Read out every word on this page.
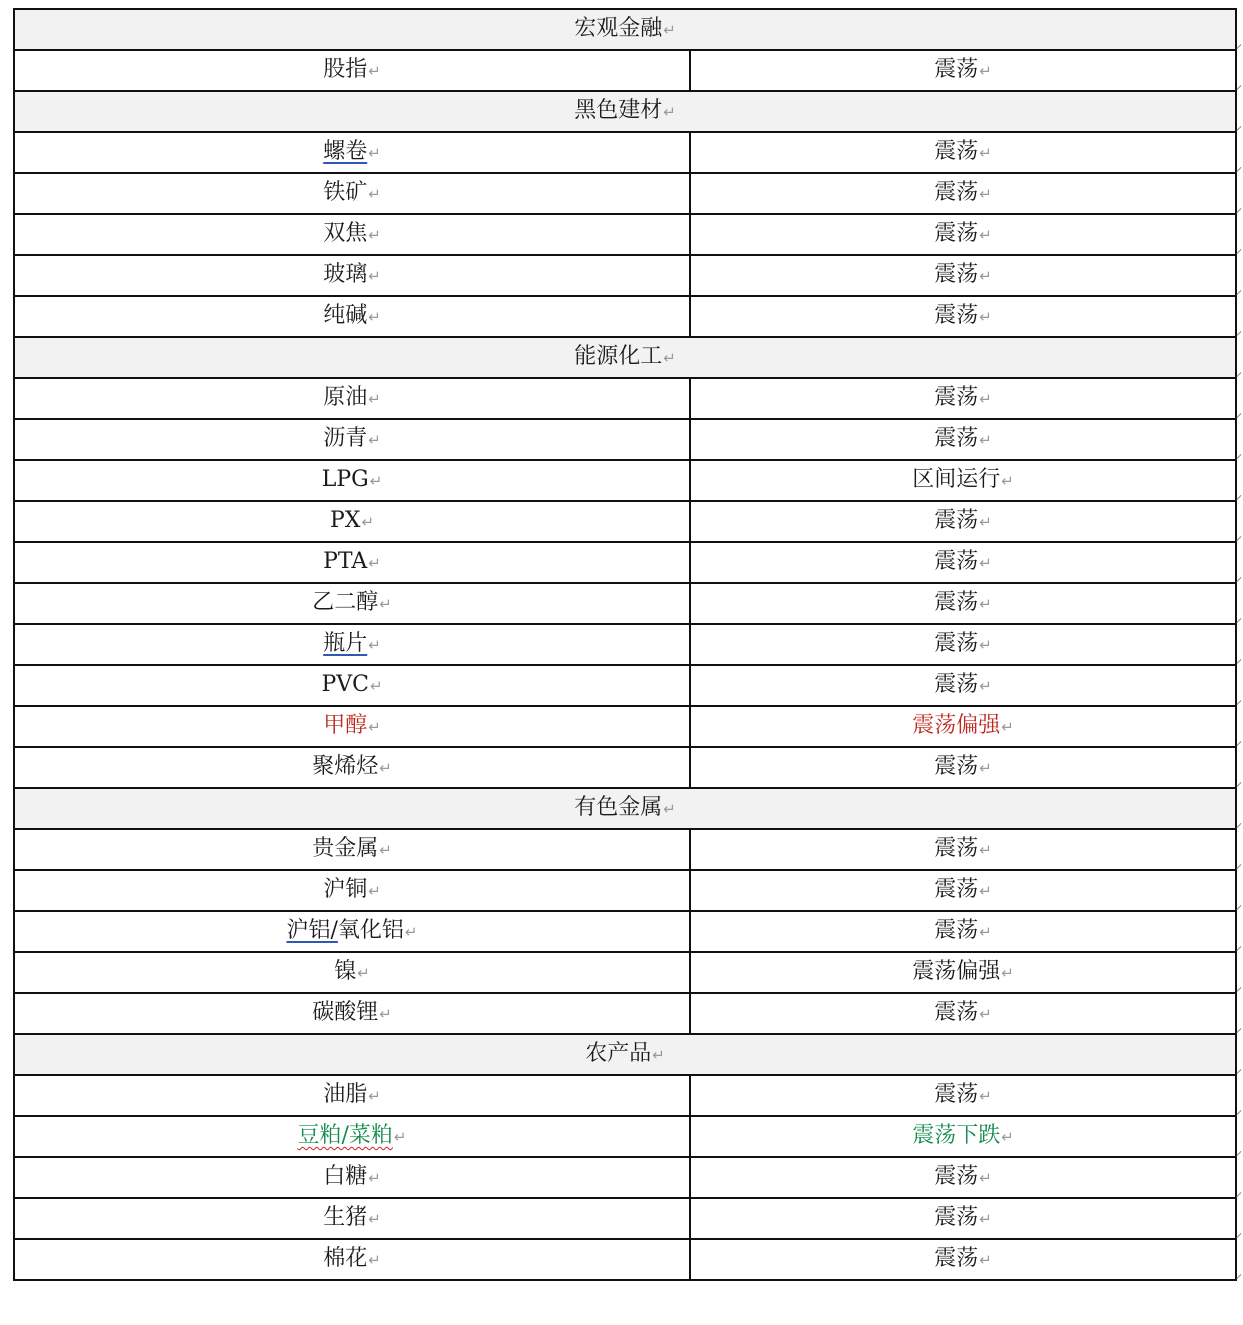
宏观金融↵	
股指↵	震荡↵
黑色建材↵	
螺卷↵	震荡↵
铁矿↵	震荡↵
双焦↵	震荡↵
玻璃↵	震荡↵
纯碱↵	震荡↵
能源化工↵	
原油↵	震荡↵
沥青↵	震荡↵
LPG↵	区间运行↵
PX↵	震荡↵
PTA↵	震荡↵
乙二醇↵	震荡↵
瓶片↵	震荡↵
PVC↵	震荡↵
甲醇↵	震荡偏强↵
聚烯烃↵	震荡↵
有色金属↵	
贵金属↵	震荡↵
沪铜↵	震荡↵
沪铝/氧化铝↵	震荡↵
镍↵	震荡偏强↵
碳酸锂↵	震荡↵
农产品↵	
油脂↵	震荡↵
豆粕/菜粕↵	震荡下跌↵
白糖↵	震荡↵
生猪↵	震荡↵
棉花↵	震荡↵
